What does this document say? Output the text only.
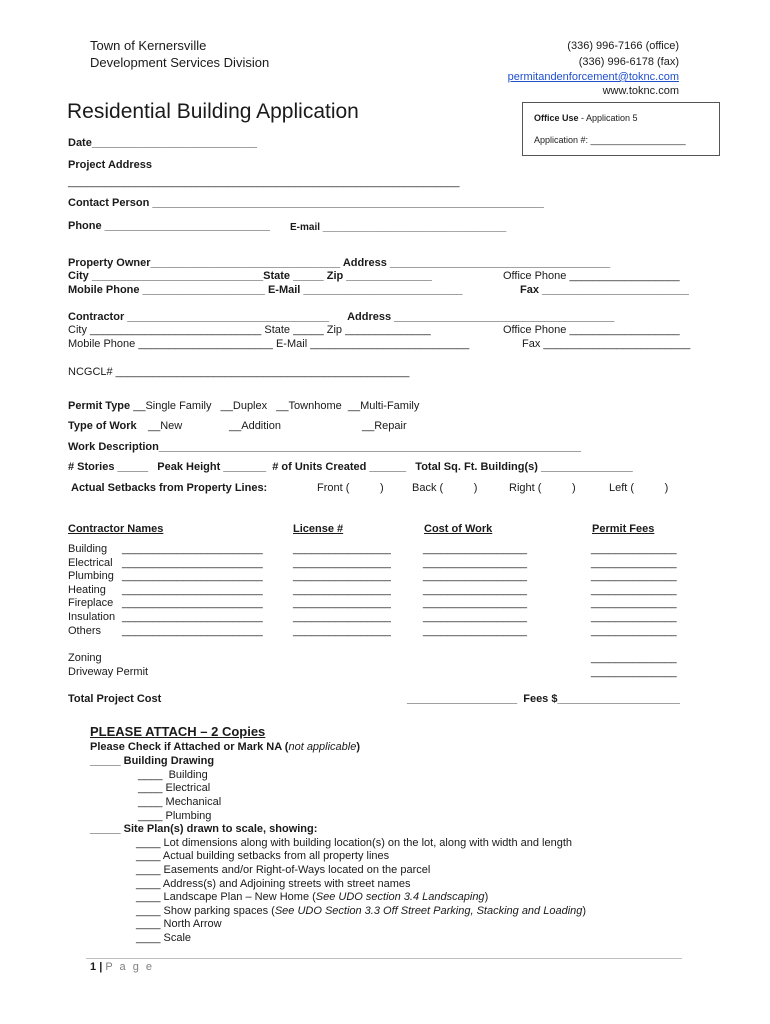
Town of Kernersville
Development Services Division
(336) 996-7166 (office)
(336) 996-6178 (fax)
permitandenforcement@toknc.com
www.toknc.com
Residential Building Application	Office Use - Application 5
Application #: ___________________
Date___________________________
Project Address
________________________________________________________________
Contact Person ________________________________________________________________
Phone ___________________________ E-mail _________________________________
Property Owner_______________________________ Address ____________________________________
City ____________________________State _____ Zip ______________	Office Phone __________________
Mobile Phone ____________________ E-Mail __________________________	Fax ________________________
Contractor _________________________________      Address ____________________________________
City ____________________________ State _____ Zip ______________	Office Phone __________________
Mobile Phone ______________________ E-Mail __________________________	Fax ________________________
NCGCL# ________________________________________________
Permit Type __Single Family   __Duplex   __Townhome  __Multi-Family
Type of Work __New	__Addition	__Repair
Work Description_____________________________________________________________________
# Stories _____   Peak Height _______  # of Units Created ______   Total Sq. Ft. Building(s) _______________
Actual Setbacks from Property Lines:	Front (          )	Back (          )	Right (          )	Left (          )
Contractor Names	License #	Cost of Work	Permit Fees
Building _______________________	________________	_________________	______________
Electrical _______________________	________________	_________________	______________
Plumbing _______________________	________________	_________________	______________
Heating _______________________	________________	_________________	______________
Fireplace _______________________	________________	_________________	______________
Insulation _______________________	________________	_________________	______________
Others _______________________	________________	_________________	______________
Zoning	______________
Driveway Permit	______________
Total Project Cost	__________________  Fees $____________________
PLEASE ATTACH – 2 Copies
Please Check if Attached or Mark NA (not applicable)
_____ Building Drawing
____  Building
____ Electrical
____ Mechanical
____ Plumbing
_____ Site Plan(s) drawn to scale, showing:
____ Lot dimensions along with building location(s) on the lot, along with width and length
____ Actual building setbacks from all property lines
____ Easements and/or Right-of-Ways located on the parcel
____ Address(s) and Adjoining streets with street names
____ Landscape Plan – New Home (See UDO section 3.4 Landscaping)
____ Show parking spaces (See UDO Section 3.3 Off Street Parking, Stacking and Loading)
____ North Arrow
____ Scale
1 | P a g e
